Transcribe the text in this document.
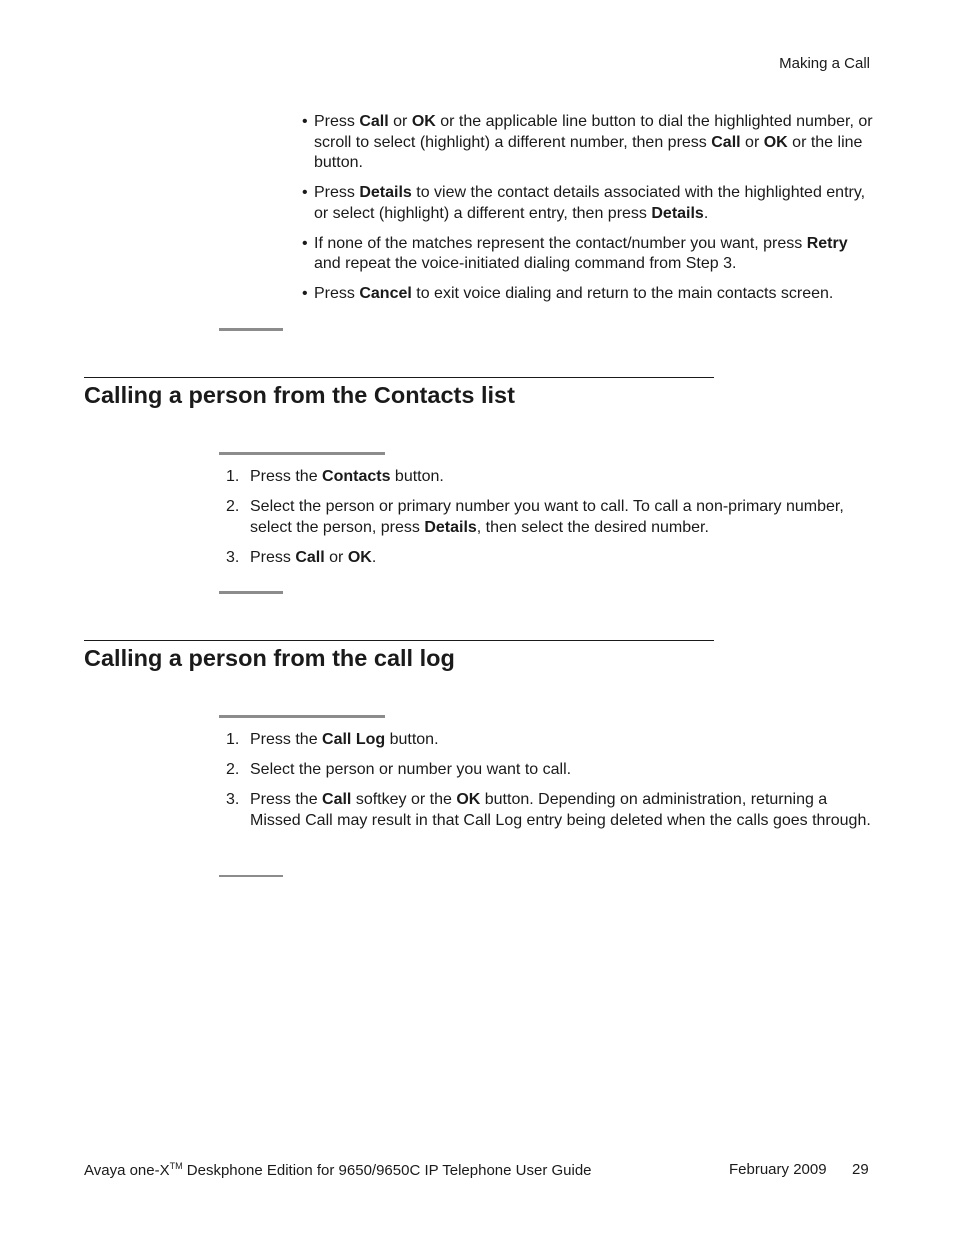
Making a Call
• Press Call or OK or the applicable line button to dial the highlighted number, or scroll to select (highlight) a different number, then press Call or OK or the line button.
• Press Details to view the contact details associated with the highlighted entry, or select (highlight) a different entry, then press Details.
• If none of the matches represent the contact/number you want, press Retry and repeat the voice-initiated dialing command from Step 3.
• Press Cancel to exit voice dialing and return to the main contacts screen.
Calling a person from the Contacts list
1. Press the Contacts button.
2. Select the person or primary number you want to call. To call a non-primary number, select the person, press Details, then select the desired number.
3. Press Call or OK.
Calling a person from the call log
1. Press the Call Log button.
2. Select the person or number you want to call.
3. Press the Call softkey or the OK button. Depending on administration, returning a Missed Call may result in that Call Log entry being deleted when the calls goes through.
Avaya one-X™ Deskphone Edition for 9650/9650C IP Telephone User Guide	February 2009 29
